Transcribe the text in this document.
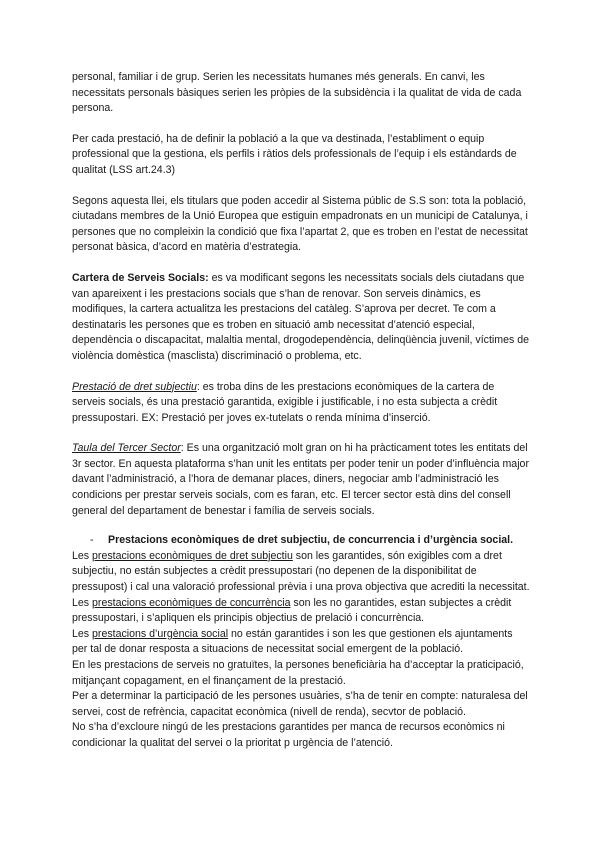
personal, familiar i de grup. Serien les necessitats humanes més generals. En canvi, les necessitats personals bàsiques serien les pròpies de la subsidència i la qualitat de vida de cada persona.

Per cada prestació, ha de definir la població a la que va destinada, l’establiment o equip professional que la gestiona, els perfils i ràtios dels professionals de l’equip i els estàndards de qualitat (LSS art.24.3)

Segons aquesta llei, els titulars que poden accedir al Sistema públic de S.S son: tota la població, ciutadans membres de la Unió Europea que estiguin empadronats en un municipi de Catalunya, i persones que no compleixin la condició que fixa l’apartat 2, que es troben en l’estat de necessitat personat bàsica, d’acord en matèria d’estrategia.

Cartera de Serveis Socials: es va modificant segons les necessitats socials dels ciutadans que van apareixent i les prestacions socials que s’han de renovar. Son serveis dinàmics, es modifiques, la cartera actualitza les prestacions del catàleg. S’aprova per decret. Te com a destinataris les persones que es troben en situació amb necessitat d’atenció especial, dependència o discapacitat, malaltia mental, drogodependència, delinqüència juvenil, víctimes de violència domèstica (masclista) discriminació o problema, etc.

Prestació de dret subjectiu: es troba dins de les prestacions econòmiques de la cartera de serveis socials, és una prestació garantida, exigible i justificable, i no esta subjecta a crèdit pressupostari. EX: Prestació per joves ex-tutelats o renda mínima d’inserció.

Taula del Tercer Sector: Es una organització molt gran on hi ha pràcticament totes les entitats del 3r sector. En aquesta plataforma s’han unit les entitats per poder tenir un poder d’influència major davant l’administració, a l’hora de demanar places, diners, negociar amb l’administració les condicions per prestar serveis socials, com es faran, etc. El tercer sector està dins del consell general del departament de benestar i família de serveis socials.

- Prestacions econòmiques de dret subjectiu, de concurrencia i d’urgència social.

Les prestacions econòmiques de dret subjectiu son les garantides, són exigibles com a dret subjectiu, no están subjectes a crèdit pressupostari (no depenen de la disponibilitat de pressupost) i cal una valoració professional prèvia i una prova objectiva que acrediti la necessitat.

Les prestacions econòmiques de concurrència son les no garantides, estan subjectes a crèdit pressupostari, i s’apliquen els principis objectius de prelació i concurrència.

Les prestacions d’urgència social no están garantides i son les que gestionen els ajuntaments per tal de donar resposta a situacions de necessitat social emergent de la població.

En les prestacions de serveis no gratuïtes, la persones beneficiària ha d’acceptar la praticipació, mitjançant copagament, en el finançament de la prestació.

Per a determinar la participació de les persones usuàries, s’ha de tenir en compte: naturalesa del servei, cost de refrència, capacitat econòmica (nivell de renda), secvtor de població.

No s’ha d’excloure ningú de les prestacions garantides per manca de recursos econòmics ni condicionar la qualitat del servei o la prioritat p urgència de l’atenció.
